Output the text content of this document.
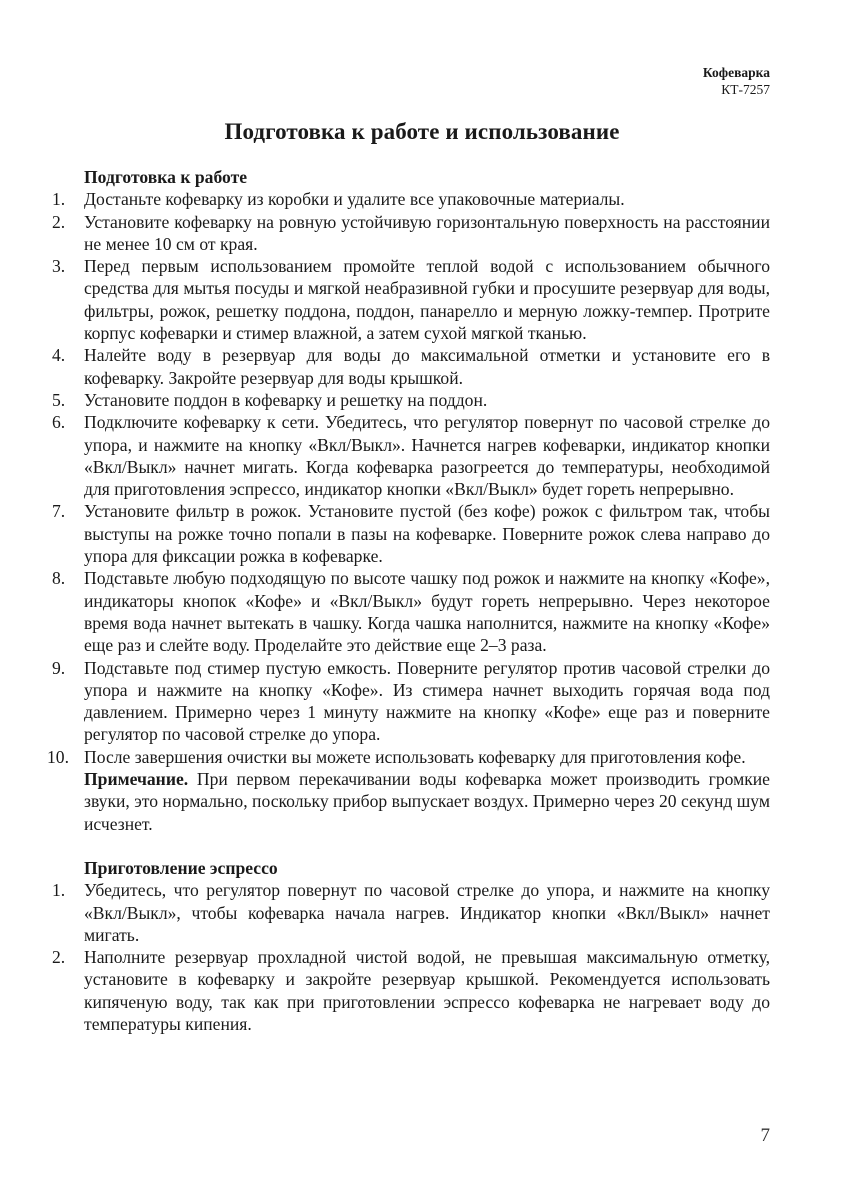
Кофеварка
КТ-7257
Подготовка к работе и использование
Подготовка к работе
1.	Достаньте кофеварку из коробки и удалите все упаковочные материалы.
2.	Установите кофеварку на ровную устойчивую горизонтальную поверхность на расстоянии не менее 10 см от края.
3.	Перед первым использованием промойте теплой водой с использованием обычного средства для мытья посуды и мягкой неабразивной губки и просушите резервуар для воды, фильтры, рожок, решетку поддона, поддон, панарелло и мерную ложку-темпер. Протрите корпус кофеварки и стимер влажной, а затем сухой мягкой тканью.
4.	Налейте воду в резервуар для воды до максимальной отметки и установите его в кофеварку. Закройте резервуар для воды крышкой.
5.	Установите поддон в кофеварку и решетку на поддон.
6.	Подключите кофеварку к сети. Убедитесь, что регулятор повернут по часовой стрелке до упора, и нажмите на кнопку «Вкл/Выкл». Начнется нагрев кофеварки, индикатор кнопки «Вкл/Выкл» начнет мигать. Когда кофеварка разогреется до температуры, необходимой для приготовления эспрессо, индикатор кнопки «Вкл/Выкл» будет гореть непрерывно.
7.	Установите фильтр в рожок. Установите пустой (без кофе) рожок с фильтром так, чтобы выступы на рожке точно попали в пазы на кофеварке. Поверните рожок слева направо до упора для фиксации рожка в кофеварке.
8.	Подставьте любую подходящую по высоте чашку под рожок и нажмите на кнопку «Кофе», индикаторы кнопок «Кофе» и «Вкл/Выкл» будут гореть непрерывно. Через некоторое время вода начнет вытекать в чашку. Когда чашка наполнится, нажмите на кнопку «Кофе» еще раз и слейте воду. Проделайте это действие еще 2–3 раза.
9.	Подставьте под стимер пустую емкость. Поверните регулятор против часовой стрелки до упора и нажмите на кнопку «Кофе». Из стимера начнет выходить горячая вода под давлением. Примерно через 1 минуту нажмите на кнопку «Кофе» еще раз и поверните регулятор по часовой стрелке до упора.
10. После завершения очистки вы можете использовать кофеварку для приготовления кофе.
Примечание. При первом перекачивании воды кофеварка может производить громкие звуки, это нормально, поскольку прибор выпускает воздух. Примерно через 20 секунд шум исчезнет.
Приготовление эспрессо
1.	Убедитесь, что регулятор повернут по часовой стрелке до упора, и нажмите на кнопку «Вкл/Выкл», чтобы кофеварка начала нагрев. Индикатор кнопки «Вкл/Выкл» начнет мигать.
2.	Наполните резервуар прохладной чистой водой, не превышая максимальную отметку, установите в кофеварку и закройте резервуар крышкой. Рекомендуется использовать кипяченую воду, так как при приготовлении эспрессо кофеварка не нагревает воду до температуры кипения.
7
